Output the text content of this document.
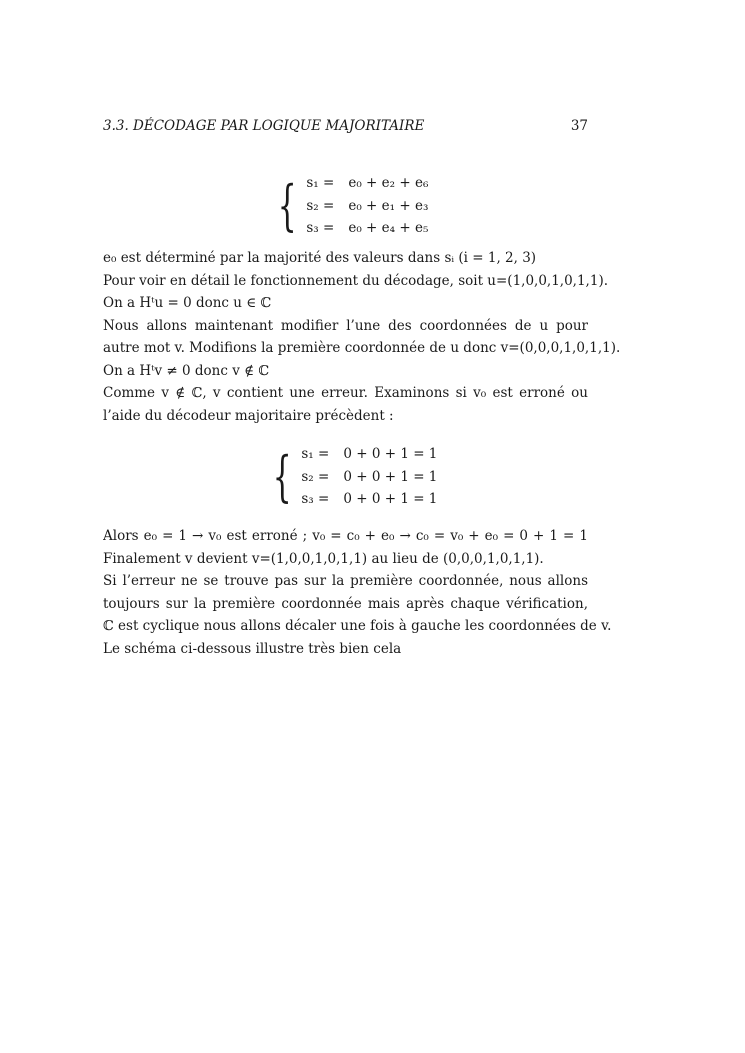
3.3. DÉCODAGE PAR LOGIQUE MAJORITAIRE	37
{ s₁ = e₀ + e₂ + e₆
s₂ = e₀ + e₁ + e₃
s₃ = e₀ + e₄ + e₅
e₀ est déterminé par la majorité des valeurs dans sᵢ (i = 1, 2, 3)
Pour voir en détail le fonctionnement du décodage, soit u=(1,0,0,1,0,1,1).
On a Hᵗu = 0 donc u ∈ ℂ
Nous allons maintenant modifier l’une des coordonnées de u pour
autre mot v. Modifions la première coordonnée de u donc v=(0,0,0,1,0,1,1).
On a Hᵗv ≠ 0 donc v ∉ ℂ
Comme v ∉ ℂ, v contient une erreur. Examinons si v₀ est erroné ou
l’aide du décodeur majoritaire précèdent :
{ s₁ = 0 + 0 + 1 = 1
s₂ = 0 + 0 + 1 = 1
s₃ = 0 + 0 + 1 = 1
Alors e₀ = 1 → v₀ est erroné ; v₀ = c₀ + e₀ → c₀ = v₀ + e₀ = 0 + 1 = 1
Finalement v devient v=(1,0,0,1,0,1,1) au lieu de (0,0,0,1,0,1,1).
Si l’erreur ne se trouve pas sur la première coordonnée, nous allons
toujours sur la première coordonnée mais après chaque vérification,
ℂ est cyclique nous allons décaler une fois à gauche les coordonnées de v.
Le schéma ci-dessous illustre très bien cela
